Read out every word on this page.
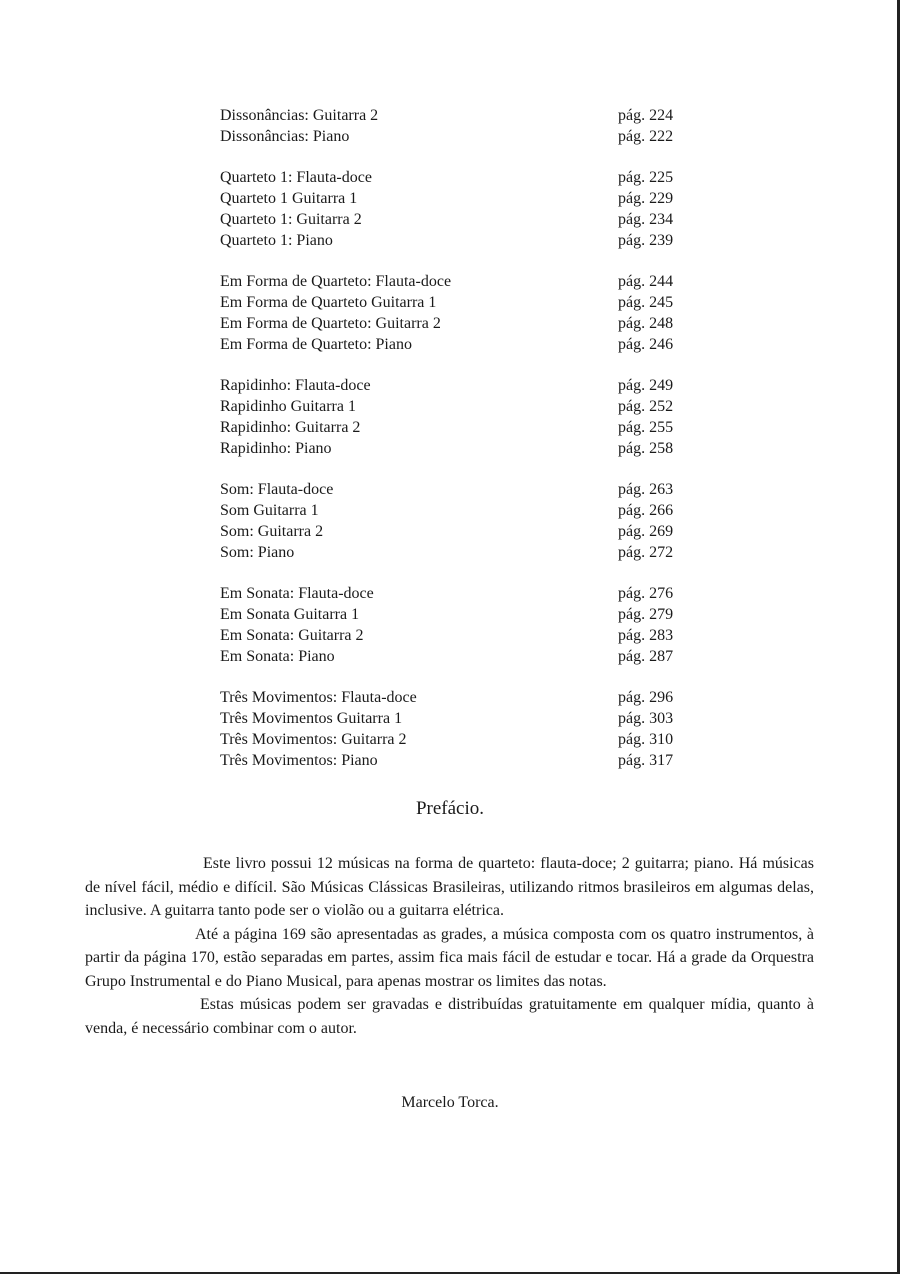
Dissonâncias: Guitarra 2	pág. 224
Dissonâncias: Piano	pág. 222
Quarteto 1: Flauta-doce	pág. 225
Quarteto 1 Guitarra 1	pág. 229
Quarteto 1: Guitarra 2	pág. 234
Quarteto 1: Piano	pág. 239
Em Forma de Quarteto: Flauta-doce	pág. 244
Em Forma de Quarteto Guitarra 1	pág. 245
Em Forma de Quarteto: Guitarra 2	pág. 248
Em Forma de Quarteto: Piano	pág. 246
Rapidinho: Flauta-doce	pág. 249
Rapidinho Guitarra 1	pág. 252
Rapidinho: Guitarra 2	pág. 255
Rapidinho: Piano	pág. 258
Som: Flauta-doce	pág. 263
Som Guitarra 1	pág. 266
Som: Guitarra 2	pág. 269
Som: Piano	pág. 272
Em Sonata: Flauta-doce	pág. 276
Em Sonata Guitarra 1	pág. 279
Em Sonata: Guitarra 2	pág. 283
Em Sonata: Piano	pág. 287
Três Movimentos: Flauta-doce	pág. 296
Três Movimentos Guitarra 1	pág. 303
Três Movimentos: Guitarra 2	pág. 310
Três Movimentos: Piano	pág. 317
Prefácio.

Este livro possui 12 músicas na forma de quarteto: flauta-doce; 2 guitarra; piano. Há músicas de nível fácil, médio e difícil. São Músicas Clássicas Brasileiras, utilizando ritmos brasileiros em algumas delas, inclusive. A guitarra tanto pode ser o violão ou a guitarra elétrica.

Até a página 169 são apresentadas as grades, a música composta com os quatro instrumentos, à partir da página 170, estão separadas em partes, assim fica mais fácil de estudar e tocar. Há a grade da Orquestra Grupo Instrumental e do Piano Musical, para apenas mostrar os limites das notas.

Estas músicas podem ser gravadas e distribuídas gratuitamente em qualquer mídia, quanto à venda, é necessário combinar com o autor.

Marcelo Torca.
